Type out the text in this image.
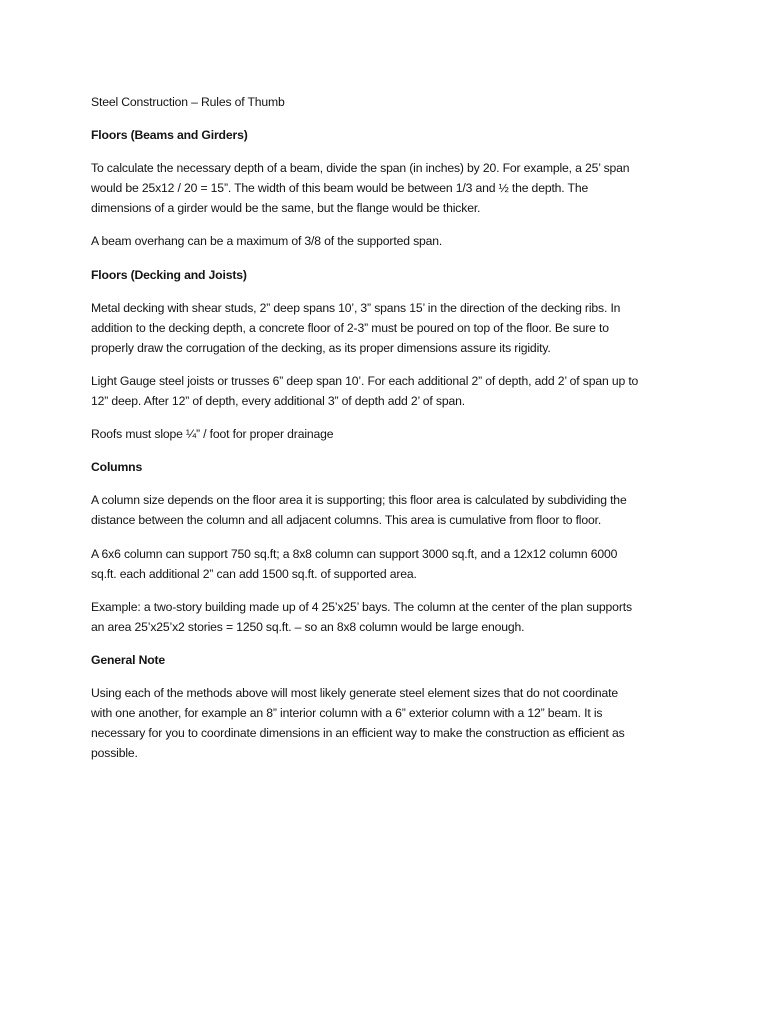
Steel Construction – Rules of Thumb

Floors (Beams and Girders)

To calculate the necessary depth of a beam, divide the span (in inches) by 20. For example, a 25’ span
would be 25x12 / 20 = 15”. The width of this beam would be between 1/3 and ½ the depth. The
dimensions of a girder would be the same, but the flange would be thicker.

A beam overhang can be a maximum of 3/8 of the supported span.

Floors (Decking and Joists)

Metal decking with shear studs, 2” deep spans 10’, 3” spans 15’ in the direction of the decking ribs. In
addition to the decking depth, a concrete floor of 2-3” must be poured on top of the floor. Be sure to
properly draw the corrugation of the decking, as its proper dimensions assure its rigidity.

Light Gauge steel joists or trusses 6” deep span 10’. For each additional 2” of depth, add 2’ of span up to
12” deep. After 12” of depth, every additional 3” of depth add 2’ of span.

Roofs must slope ¼” / foot for proper drainage

Columns

A column size depends on the floor area it is supporting; this floor area is calculated by subdividing the
distance between the column and all adjacent columns. This area is cumulative from floor to floor.

A 6x6 column can support 750 sq.ft; a 8x8 column can support 3000 sq.ft, and a 12x12 column 6000
sq.ft. each additional 2” can add 1500 sq.ft. of supported area.

Example: a two-story building made up of 4 25’x25’ bays. The column at the center of the plan supports
an area 25’x25’x2 stories = 1250 sq.ft. – so an 8x8 column would be large enough.

General Note

Using each of the methods above will most likely generate steel element sizes that do not coordinate
with one another, for example an 8” interior column with a 6” exterior column with a 12” beam. It is
necessary for you to coordinate dimensions in an efficient way to make the construction as efficient as
possible.
